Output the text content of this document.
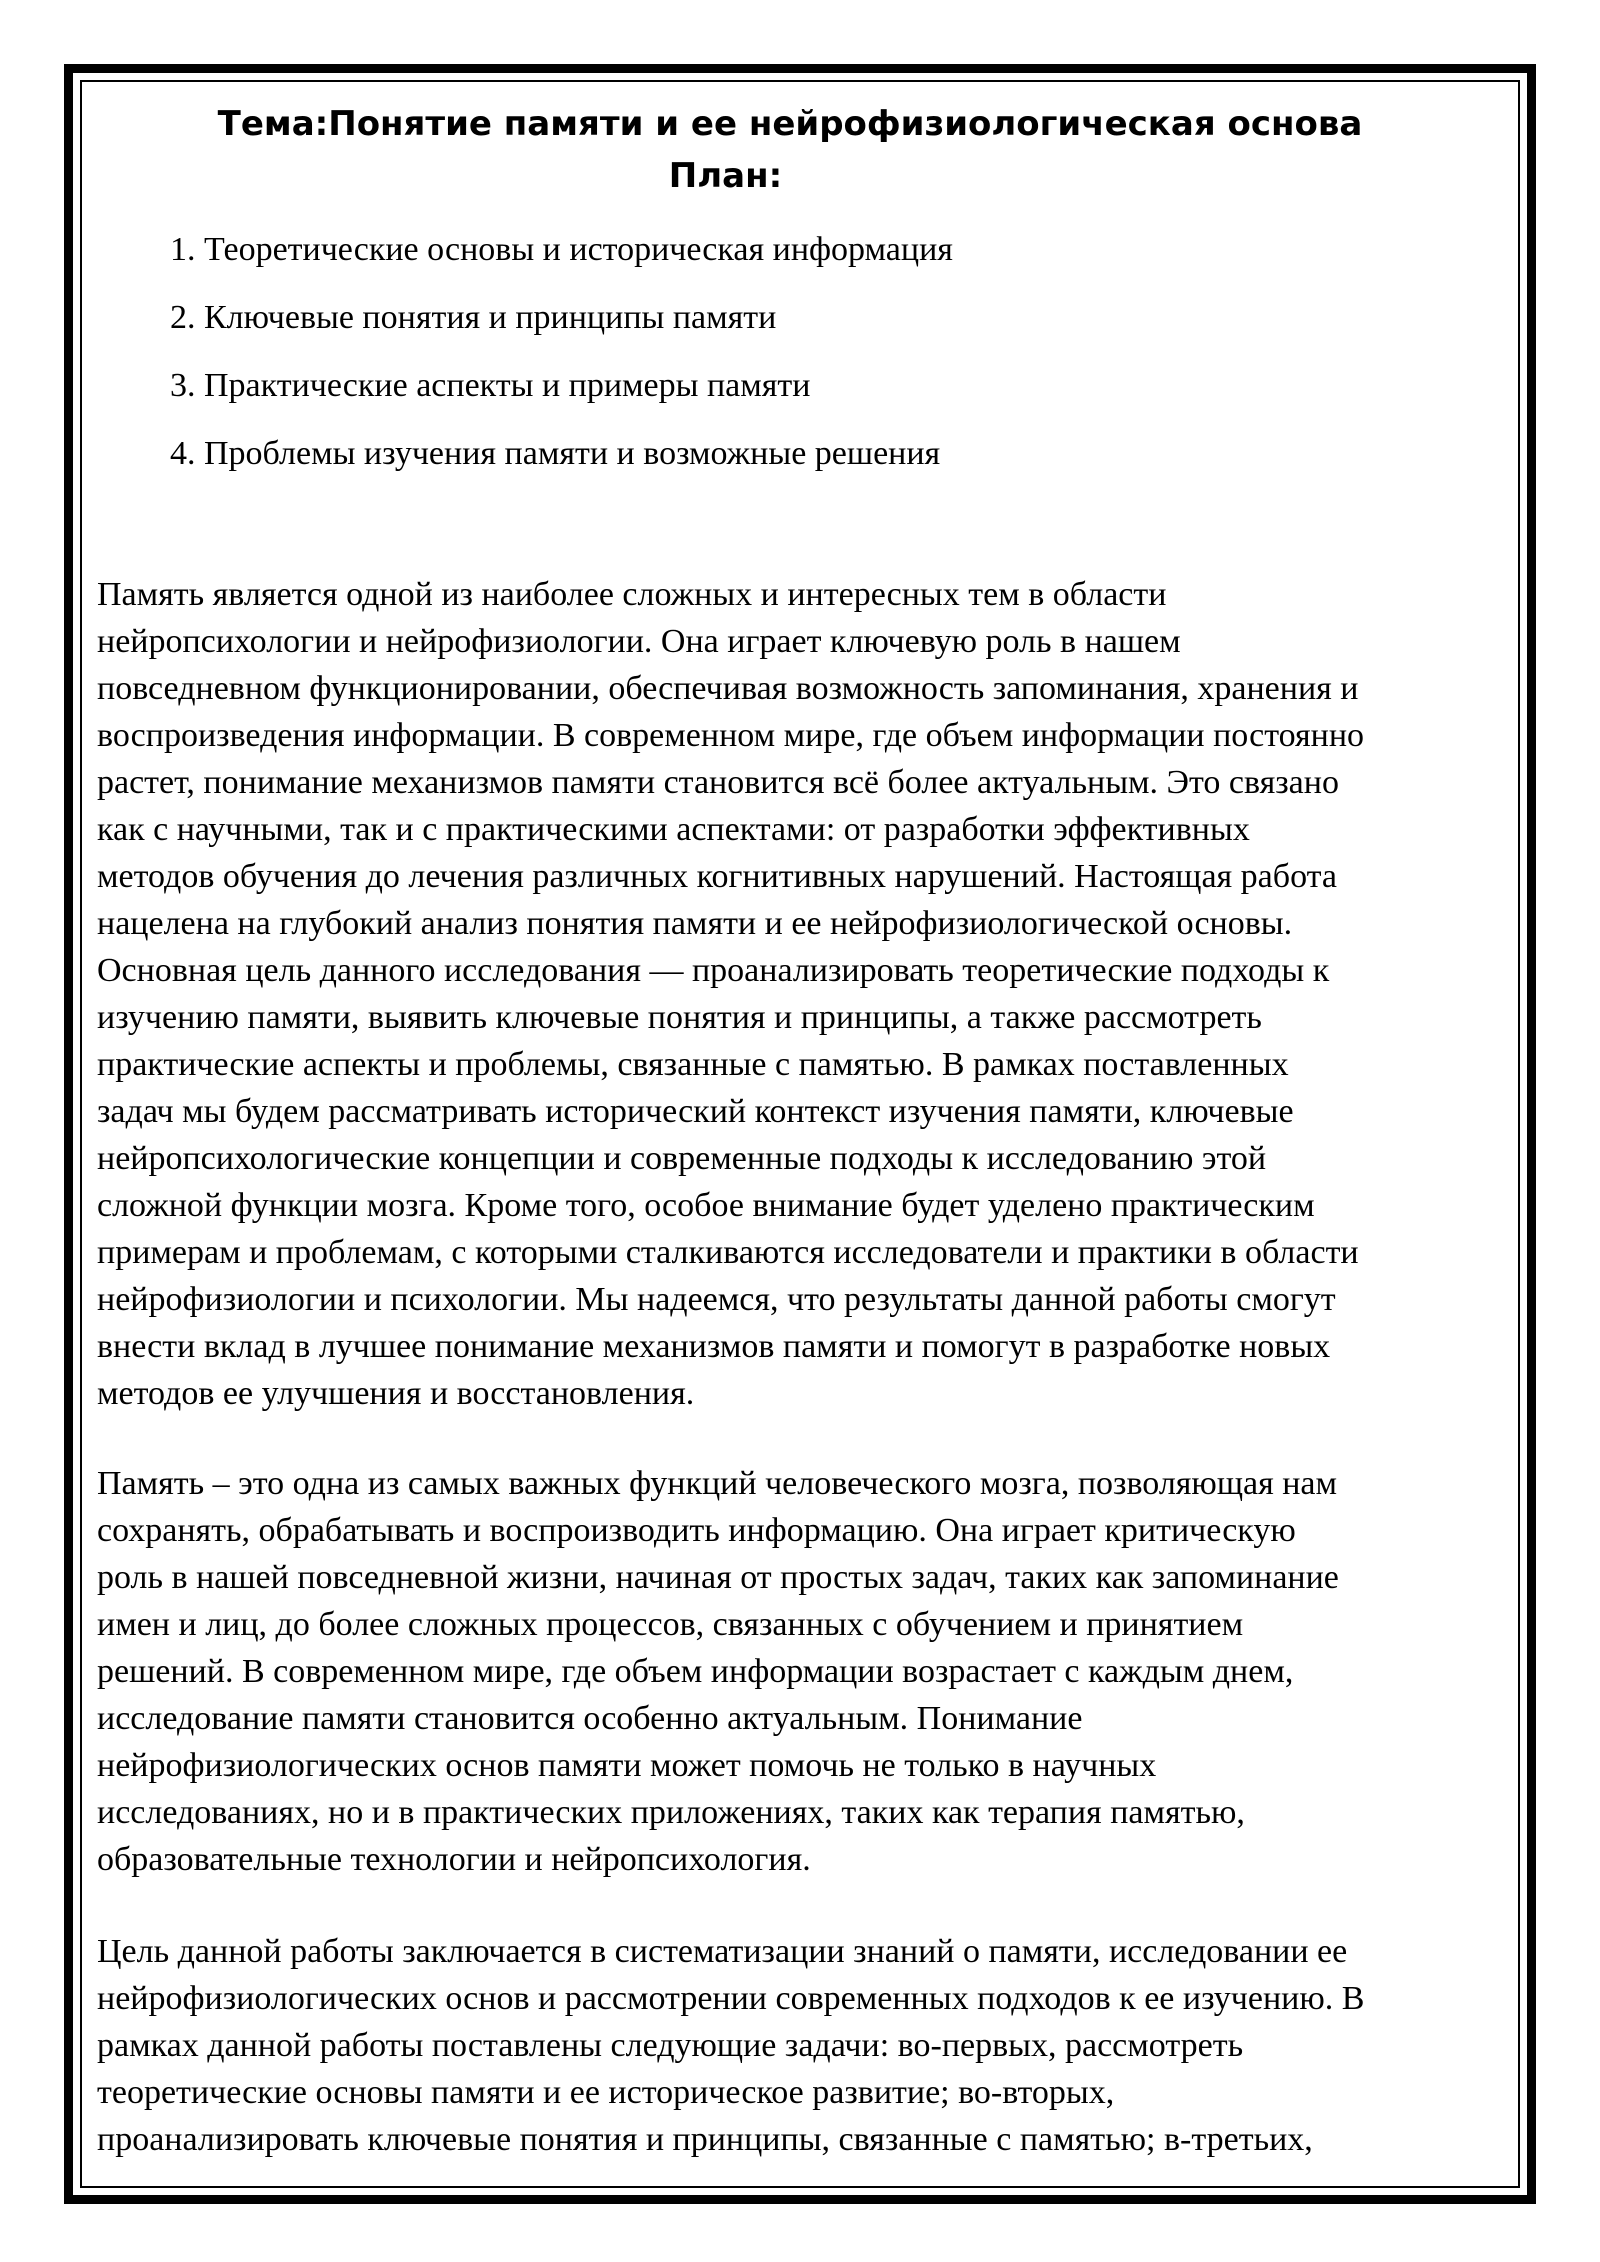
Тема:Понятие памяти и ее нейрофизиологическая основа
План:
1. Теоретические основы и историческая информация
2. Ключевые понятия и принципы памяти
3. Практические аспекты и примеры памяти
4. Проблемы изучения памяти и возможные решения

Память является одной из наиболее сложных и интересных тем в области
нейропсихологии и нейрофизиологии. Она играет ключевую роль в нашем
повседневном функционировании, обеспечивая возможность запоминания, хранения и
воспроизведения информации. В современном мире, где объем информации постоянно
растет, понимание механизмов памяти становится всё более актуальным. Это связано
как с научными, так и с практическими аспектами: от разработки эффективных
методов обучения до лечения различных когнитивных нарушений. Настоящая работа
нацелена на глубокий анализ понятия памяти и ее нейрофизиологической основы.
Основная цель данного исследования — проанализировать теоретические подходы к
изучению памяти, выявить ключевые понятия и принципы, а также рассмотреть
практические аспекты и проблемы, связанные с памятью. В рамках поставленных
задач мы будем рассматривать исторический контекст изучения памяти, ключевые
нейропсихологические концепции и современные подходы к исследованию этой
сложной функции мозга. Кроме того, особое внимание будет уделено практическим
примерам и проблемам, с которыми сталкиваются исследователи и практики в области
нейрофизиологии и психологии. Мы надеемся, что результаты данной работы смогут
внести вклад в лучшее понимание механизмов памяти и помогут в разработке новых
методов ее улучшения и восстановления.

Память – это одна из самых важных функций человеческого мозга, позволяющая нам
сохранять, обрабатывать и воспроизводить информацию. Она играет критическую
роль в нашей повседневной жизни, начиная от простых задач, таких как запоминание
имен и лиц, до более сложных процессов, связанных с обучением и принятием
решений. В современном мире, где объем информации возрастает с каждым днем,
исследование памяти становится особенно актуальным. Понимание
нейрофизиологических основ памяти может помочь не только в научных
исследованиях, но и в практических приложениях, таких как терапия памятью,
образовательные технологии и нейропсихология.

Цель данной работы заключается в систематизации знаний о памяти, исследовании ее
нейрофизиологических основ и рассмотрении современных подходов к ее изучению. В
рамках данной работы поставлены следующие задачи: во-первых, рассмотреть
теоретические основы памяти и ее историческое развитие; во-вторых,
проанализировать ключевые понятия и принципы, связанные с памятью; в-третьих,
